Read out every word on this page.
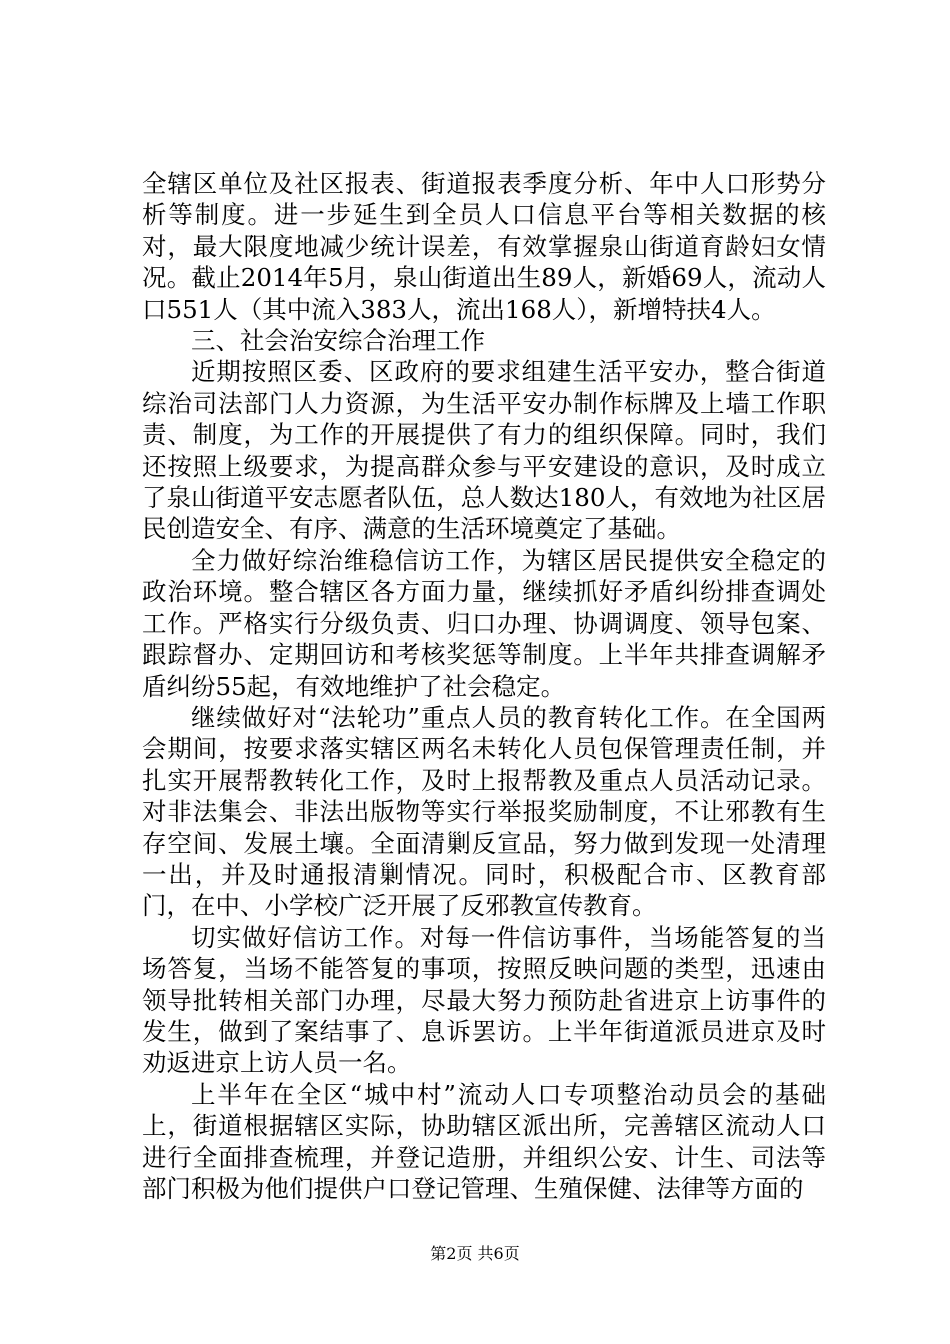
全辖区单位及社区报表、街道报表季度分析、年中人口形势分析等制度。进一步延生到全员人口信息平台等相关数据的核对，最大限度地减少统计误差，有效掌握泉山街道育龄妇女情况。截止2014年5月，泉山街道出生89人，新婚69人，流动人口551人（其中流入383人，流出168人），新增特扶4人。

三、社会治安综合治理工作

近期按照区委、区政府的要求组建生活平安办，整合街道综治司法部门人力资源，为生活平安办制作标牌及上墙工作职责、制度，为工作的开展提供了有力的组织保障。同时，我们还按照上级要求，为提高群众参与平安建设的意识，及时成立了泉山街道平安志愿者队伍，总人数达180人，有效地为社区居民创造安全、有序、满意的生活环境奠定了基础。

全力做好综治维稳信访工作，为辖区居民提供安全稳定的政治环境。整合辖区各方面力量，继续抓好矛盾纠纷排查调处工作。严格实行分级负责、归口办理、协调调度、领导包案、跟踪督办、定期回访和考核奖惩等制度。上半年共排查调解矛盾纠纷55起，有效地维护了社会稳定。

继续做好对“法轮功”重点人员的教育转化工作。在全国两会期间，按要求落实辖区两名未转化人员包保管理责任制，并扎实开展帮教转化工作，及时上报帮教及重点人员活动记录。对非法集会、非法出版物等实行举报奖励制度，不让邪教有生存空间、发展土壤。全面清剿反宣品，努力做到发现一处清理一出，并及时通报清剿情况。同时，积极配合市、区教育部门，在中、小学校广泛开展了反邪教宣传教育。

切实做好信访工作。对每一件信访事件，当场能答复的当场答复，当场不能答复的事项，按照反映问题的类型，迅速由领导批转相关部门办理，尽最大努力预防赴省进京上访事件的发生，做到了案结事了、息诉罢访。上半年街道派员进京及时劝返进京上访人员一名。

上半年在全区“城中村”流动人口专项整治动员会的基础上，街道根据辖区实际，协助辖区派出所，完善辖区流动人口进行全面排查梳理，并登记造册，并组织公安、计生、司法等部门积极为他们提供户口登记管理、生殖保健、法律等方面的

第2页 共6页
